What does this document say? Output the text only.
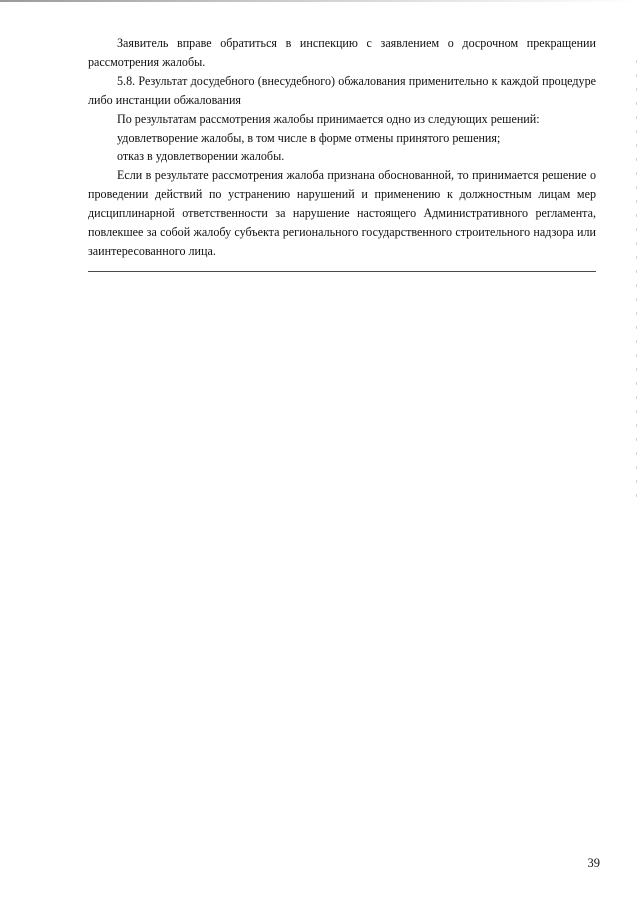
Заявитель вправе обратиться в инспекцию с заявлением о досрочном прекращении рассмотрения жалобы.

5.8. Результат досудебного (внесудебного) обжалования применительно к каждой процедуре либо инстанции обжалования

По результатам рассмотрения жалобы принимается одно из следующих решений:

удовлетворение жалобы, в том числе в форме отмены принятого решения;

отказ в удовлетворении жалобы.

Если в результате рассмотрения жалоба признана обоснованной, то принимается решение о проведении действий по устранению нарушений и применению к должностным лицам мер дисциплинарной ответственности за нарушение настоящего Административного регламента, повлекшее за собой жалобу субъекта регионального государственного строительного надзора или заинтересованного лица.

39
